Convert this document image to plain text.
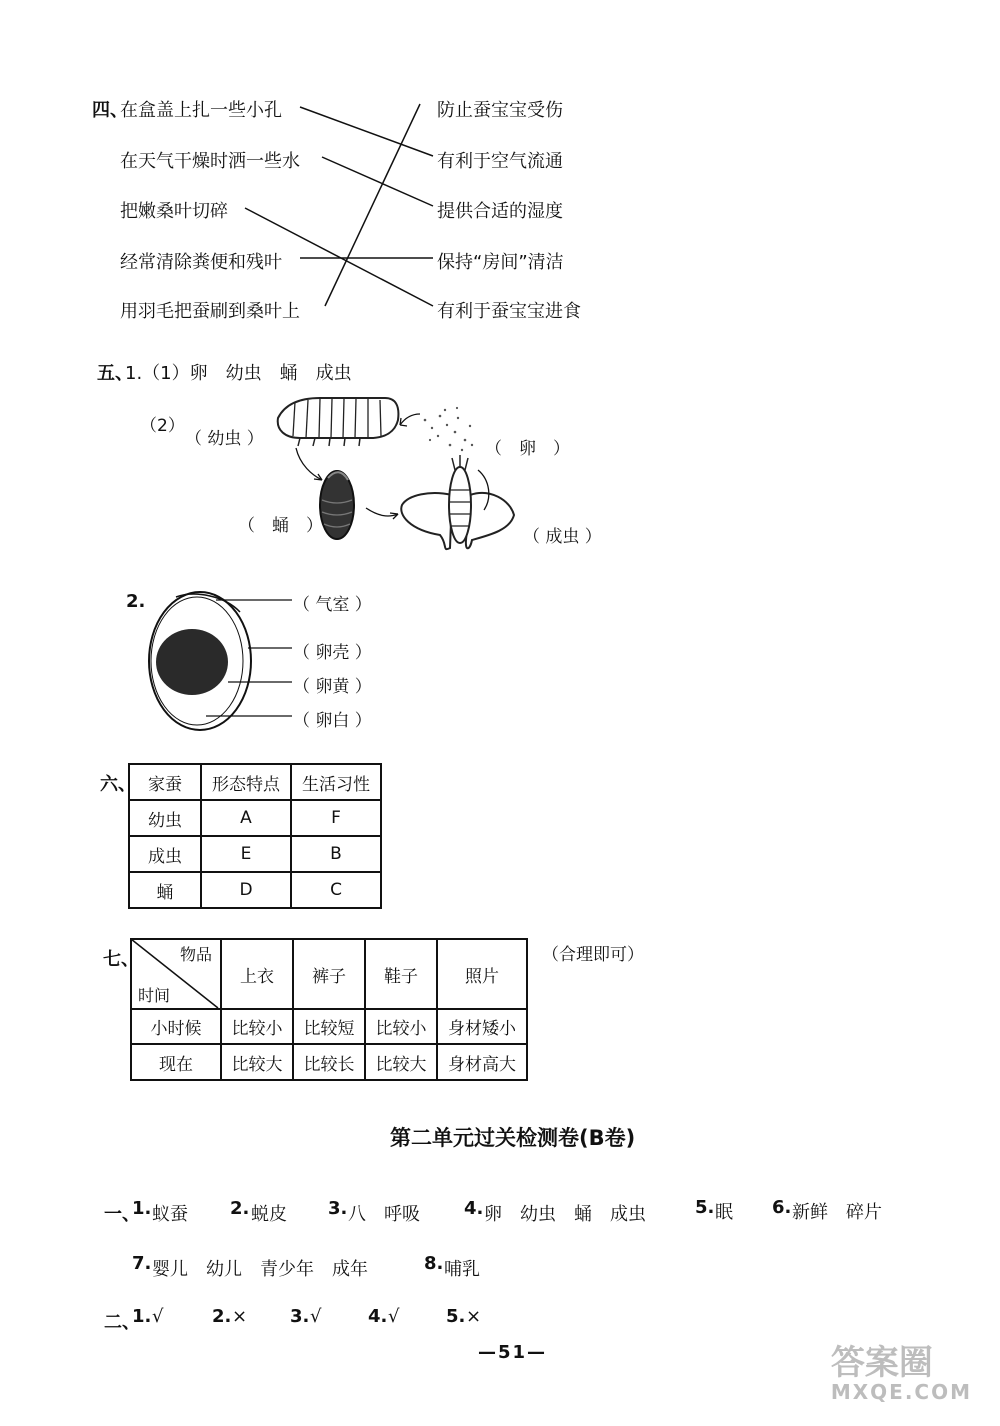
四、
在盒盖上扎一些小孔
在天气干燥时洒一些水
把嫩桑叶切碎
经常清除粪便和残叶
用羽毛把蚕刷到桑叶上
防止蚕宝宝受伤
有利于空气流通
提供合适的湿度
保持“房间”清洁
有利于蚕宝宝进食
五、
1.（1）卵　幼虫　蛹　成虫
（2）
（ 幼虫 ）	（　卵　）
（　蛹　）
（ 成虫 ）
2.	（ 气室 ）
（ 卵壳 ）
（ 卵黄 ）
（ 卵白 ）
六、 家蚕	形态特点	生活习性
幼虫	A	F
成虫	E	B
蛹	D	C
七、	（合理即可）
物品
时间	上衣	裤子	鞋子	照片
小时候	比较小	比较短	比较小	身材矮小
现在	比较大	比较长	比较大	身材高大
第二单元过关检测卷(B卷)
一、
1. 蚁蚕 2. 蜕皮 3. 八　呼吸 4. 卵　幼虫　蛹　成虫	5. 眠 6. 新鲜　碎片
7. 婴儿　幼儿　青少年　成年	8. 哺乳
二、
1. √	2. × 3. √	4. √	5. ×
—51—	答案圈
MXQE.COM
